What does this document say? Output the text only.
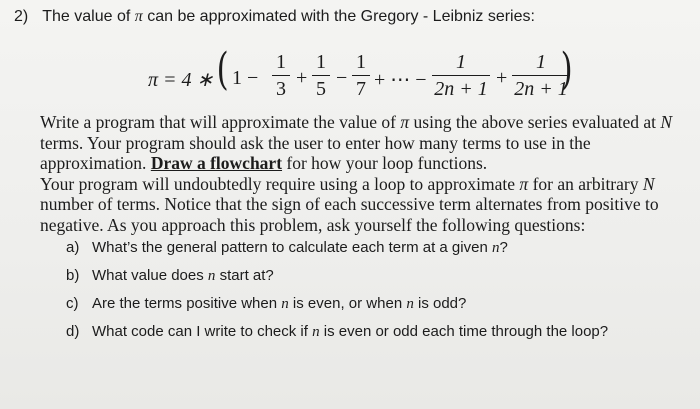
2) The value of π can be approximated with the Gregory - Leibniz series:
π = 4 ∗ ( 1 −
1
3 +
1
5 −
1
7 + ⋯ −
1
2n + 1 +
1
2n + 1
)

Write a program that will approximate the value of π using the above series evaluated at N terms. Your program should ask the user to enter how many terms to use in the approximation. Draw a flowchart for how your loop functions.

Your program will undoubtedly require using a loop to approximate π for an arbitrary N number of terms. Notice that the sign of each successive term alternates from positive to negative. As you approach this problem, ask yourself the following questions:

a) What’s the general pattern to calculate each term at a given n?
b) What value does n start at?
c) Are the terms positive when n is even, or when n is odd?
d) What code can I write to check if n is even or odd each time through the loop?
